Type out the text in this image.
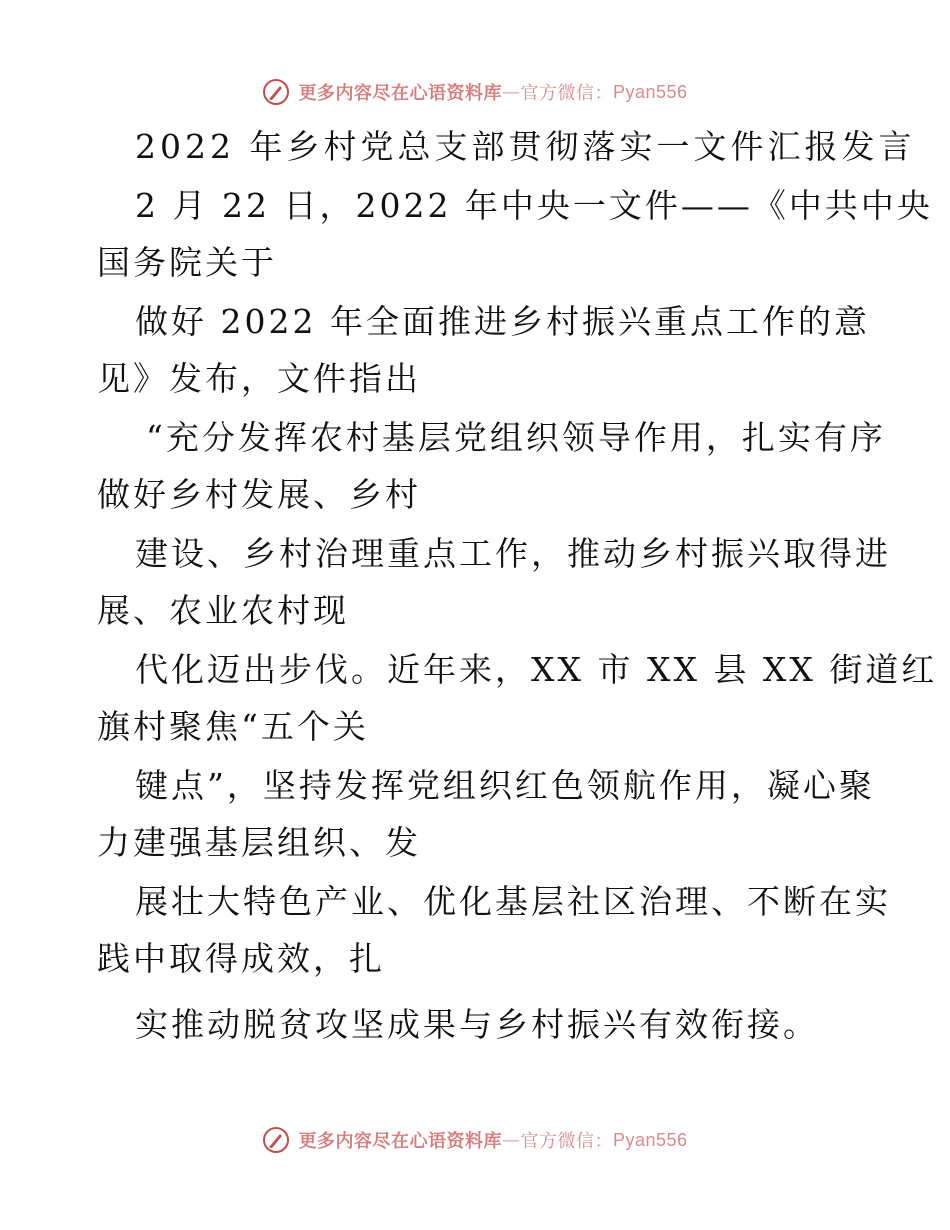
更多内容尽在心语资料库 — 官方微信： Pyan556
2022 年乡村党总支部贯彻落实一文件汇报发言
2 月 22 日，2022 年中央一文件——《中共中央
国务院关于
做好 2022 年全面推进乡村振兴重点工作的意
见》发布，文件指出
“充分发挥农村基层党组织领导作用，扎实有序
做好乡村发展、乡村
建设、乡村治理重点工作，推动乡村振兴取得进
展、农业农村现
代化迈出步伐。近年来，XX 市 XX 县 XX 街道红
旗村聚焦“五个关
键点”，坚持发挥党组织红色领航作用，凝心聚
力建强基层组织、发
展壮大特色产业、优化基层社区治理、不断在实
践中取得成效，扎
实推动脱贫攻坚成果与乡村振兴有效衔接。
更多内容尽在心语资料库 — 官方微信： Pyan556
